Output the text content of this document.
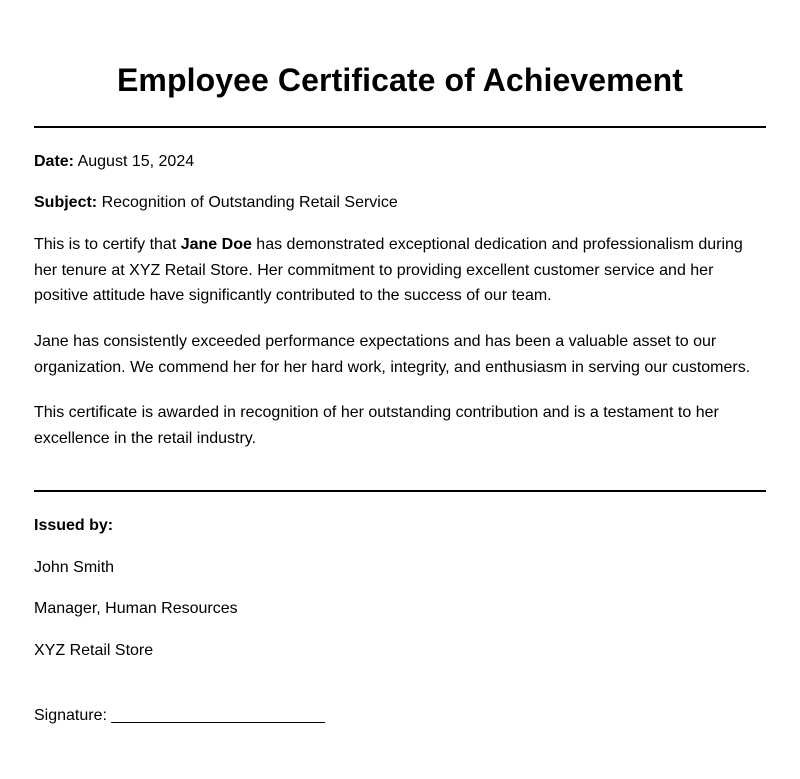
Employee Certificate of Achievement

Date: August 15, 2024

Subject: Recognition of Outstanding Retail Service

This is to certify that Jane Doe has demonstrated exceptional dedication and professionalism during her tenure at XYZ Retail Store. Her commitment to providing excellent customer service and her positive attitude have significantly contributed to the success of our team.

Jane has consistently exceeded performance expectations and has been a valuable asset to our organization. We commend her for her hard work, integrity, and enthusiasm in serving our customers.

This certificate is awarded in recognition of her outstanding contribution and is a testament to her excellence in the retail industry.

Issued by:

John Smith

Manager, Human Resources

XYZ Retail Store

Signature: ________________________
